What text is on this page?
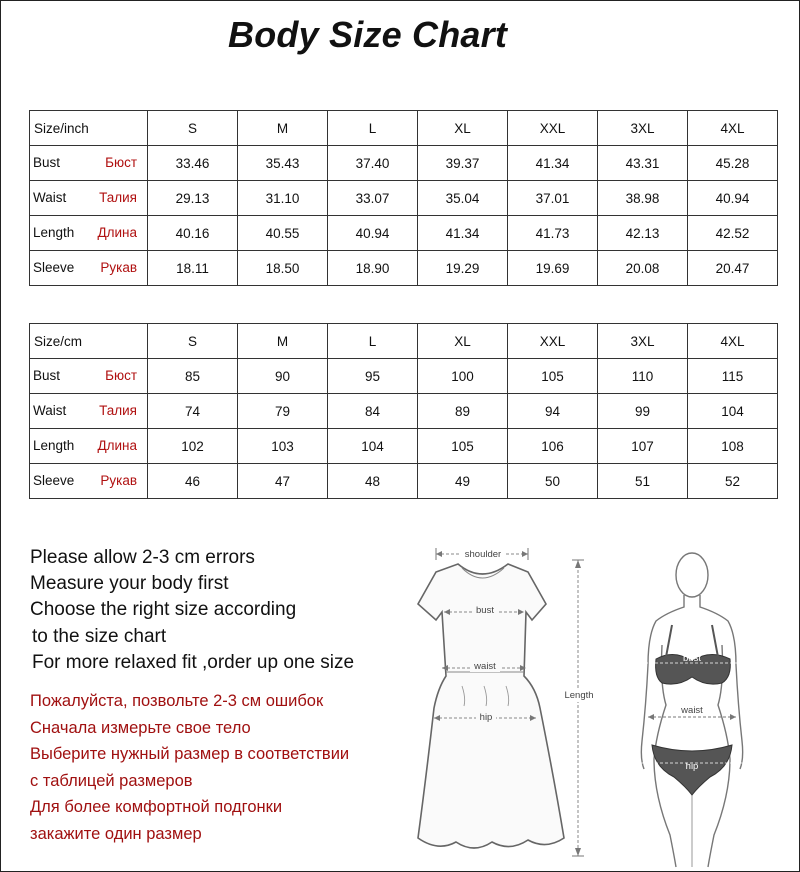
Body Size Chart
Size/inch	S	M	L	XL	XXL	3XL	4XL

Bust Бюст	33.46	35.43	37.40	39.37	41.34	43.31	45.28

Waist Талия	29.13	31.10	33.07	35.04	37.01	38.98	40.94

Length Длина	40.16	40.55	40.94	41.34	41.73	42.13	42.52

Sleeve Рукав	18.11	18.50	18.90	19.29	19.69	20.08	20.47
Size/cm	S	M	L	XL	XXL	3XL	4XL

Bust Бюст	85	90	95	100	105	110	115

Waist Талия	74	79	84	89	94	99	104

Length Длина	102	103	104	105	106	107	108

Sleeve Рукав	46	47	48	49	50	51	52
Please allow 2-3 cm errors
Measure your body first
Choose the right size according
to the size chart
For more relaxed fit ,order up one size
Пожалуйста, позвольте 2-3 см ошибок
Сначала измерьте свое тело
Выберите нужный размер в соответствии
с таблицей размеров
Для более комфортной подгонки
закажите один размер
shoulder
bust
waist
hip
Length
bust
waist
hip
